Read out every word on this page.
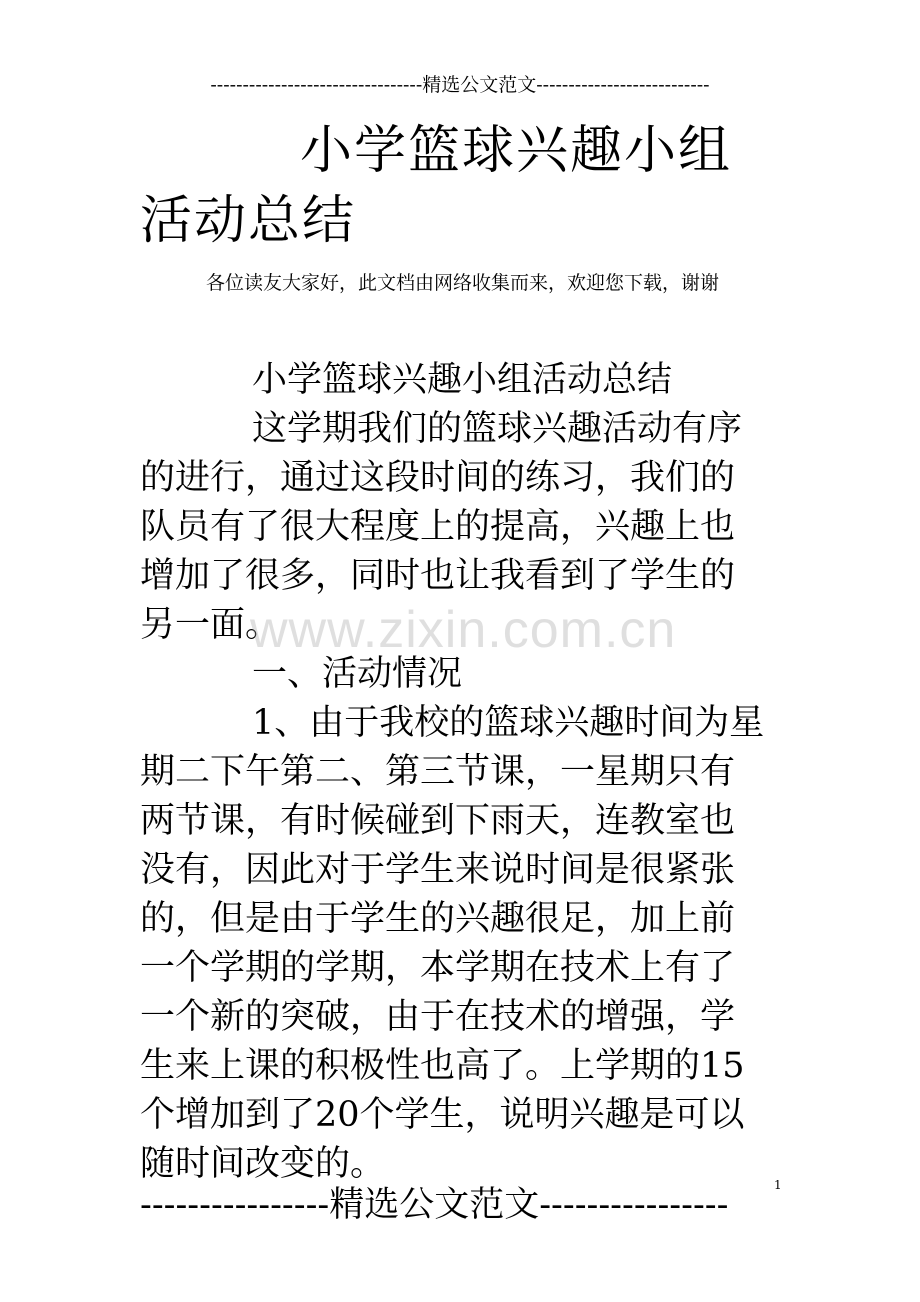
---------------------------------精选公文范文---------------------------
小学篮球兴趣小组
活动总结
各位读友大家好，此文档由网络收集而来，欢迎您下载，谢谢
小学篮球兴趣小组活动总结
这学期我们的篮球兴趣活动有序
的进行，通过这段时间的练习，我们的
队员有了很大程度上的提高，兴趣上也
增加了很多，同时也让我看到了学生的
另一面。
一、活动情况
1、由于我校的篮球兴趣时间为星
期二下午第二、第三节课，一星期只有
两节课，有时候碰到下雨天，连教室也
没有，因此对于学生来说时间是很紧张
的，但是由于学生的兴趣很足，加上前
一个学期的学期，本学期在技术上有了
一个新的突破，由于在技术的增强，学
生来上课的积极性也高了。上学期的15
个增加到了20个学生，说明兴趣是可以
随时间改变的。
www.zixin.com.cn
1
----------------精选公文范文----------------
